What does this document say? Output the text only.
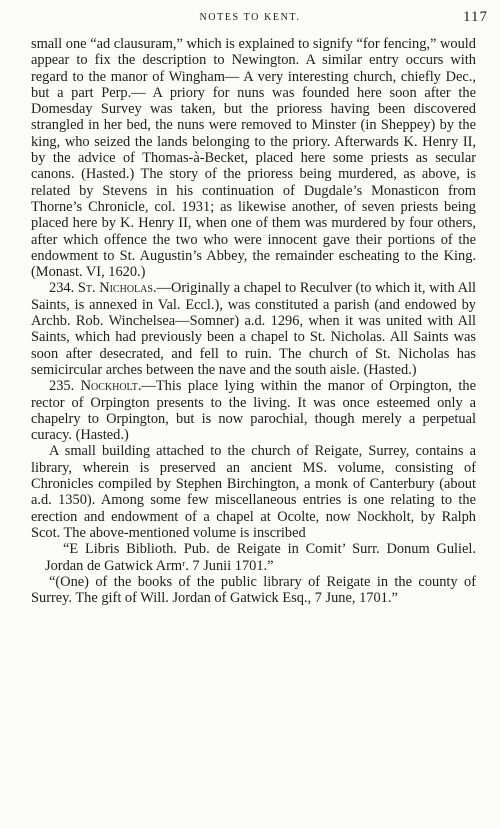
NOTES TO KENT.	117

small one “ad clausuram,” which is explained to signify “for fencing,” would appear to fix the description to Newington. A similar entry occurs with regard to the manor of Wingham— A very interesting church, chiefly Dec., but a part Perp.— A priory for nuns was founded here soon after the Domesday Survey was taken, but the prioress having been discovered strangled in her bed, the nuns were removed to Minster (in Sheppey) by the king, who seized the lands belonging to the priory. Afterwards K. Henry II, by the advice of Thomas-à-Becket, placed here some priests as secular canons. (Hasted.) The story of the prioress being murdered, as above, is related by Stevens in his continuation of Dugdale’s Monasticon from Thorne’s Chronicle, col. 1931; as likewise another, of seven priests being placed here by K. Henry II, when one of them was murdered by four others, after which offence the two who were innocent gave their portions of the endowment to St. Augustin’s Abbey, the remainder escheating to the King. (Monast. VI, 1620.)

234. St. Nicholas.—Originally a chapel to Reculver (to which it, with All Saints, is annexed in Val. Eccl.), was constituted a parish (and endowed by Archb. Rob. Winchelsea—Somner) a.d. 1296, when it was united with All Saints, which had previously been a chapel to St. Nicholas. All Saints was soon after desecrated, and fell to ruin. The church of St. Nicholas has semicircular arches between the nave and the south aisle. (Hasted.)

235. Nockholt.—This place lying within the manor of Orpington, the rector of Orpington presents to the living. It was once esteemed only a chapelry to Orpington, but is now parochial, though merely a perpetual curacy. (Hasted.)

A small building attached to the church of Reigate, Surrey, contains a library, wherein is preserved an ancient MS. volume, consisting of Chronicles compiled by Stephen Birchington, a monk of Canterbury (about a.d. 1350). Among some few miscellaneous entries is one relating to the erection and endowment of a chapel at Ocolte, now Nockholt, by Ralph Scot. The above-mentioned volume is inscribed

“E Libris Biblioth. Pub. de Reigate in Comit’ Surr. Donum Guliel. Jordan de Gatwick Armʳ. 7 Junii 1701.”

“(One) of the books of the public library of Reigate in the county of Surrey. The gift of Will. Jordan of Gatwick Esq., 7 June, 1701.”
